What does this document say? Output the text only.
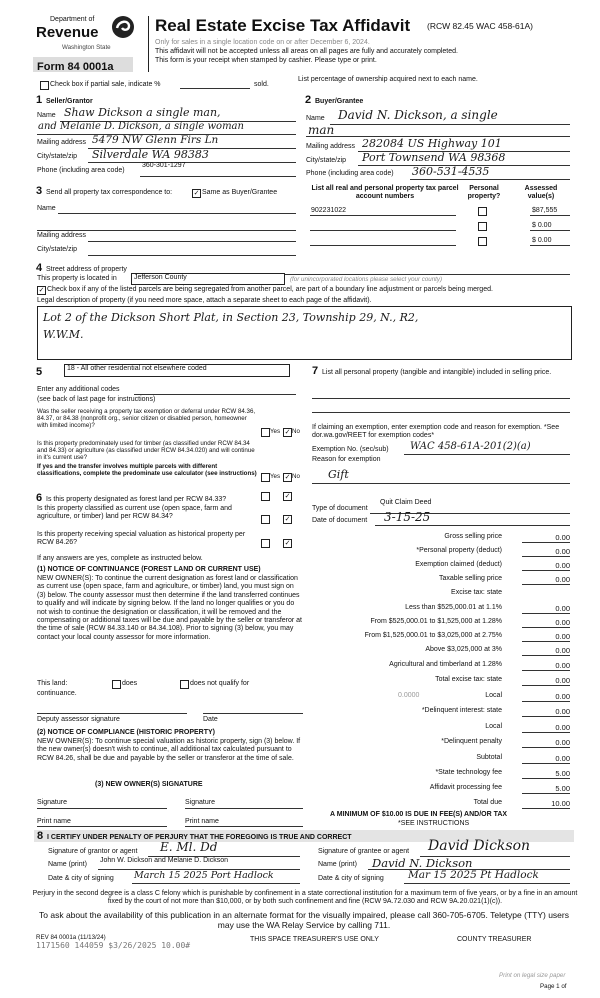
Department of
Revenue
Washington State
Form 84 0001a
Real Estate Excise Tax Affidavit (RCW 82.45 WAC 458-61A)
Only for sales in a single location code on or after December 6, 2024.
This affidavit will not be accepted unless all areas on all pages are fully and accurately completed.
This form is your receipt when stamped by cashier. Please type or print.
Check box if partial sale, indicate %	sold.
List percentage of ownership acquired next to each name.
1 Seller/Grantor
Name Shaw Dickson a single man,
and Melanie D. Dickson, a single woman
Mailing address 5479 NW Glenn Firs Ln
City/state/zip Silverdale WA 98383
Phone (including area code)
360-301-1297
2 Buyer/Grantee
Name David N. Dickson, a single
man
Mailing address 282084 US Highway 101
City/state/zip Port Townsend WA 98368
Phone (including area code) 360-531-4535
3 Send all property tax correspondence to:	✓ Same as Buyer/Grantee
Name
Mailing address
City/state/zip
List all real and personal property tax parcel account numbers
Personal property?
Assessed value(s)
902231022	$87,555
$ 0.00
$ 0.00
4 Street address of property
This property is located in	Jefferson County	(for unincorporated locations please select your county)
✓ Check box if any of the listed parcels are being segregated from another parcel, are part of a boundary line adjustment or parcels being merged.
Legal description of property (if you need more space, attach a separate sheet to each page of the affidavit).
Lot 2 of the Dickson Short Plat, in Section 23, Township 29, N., R2,
W.W.M.
5	18 - All other residential not elsewhere coded
Enter any additional codes
(see back of last page for instructions)
Was the seller receiving a property tax exemption or deferral under RCW 84.36, 84.37, or 84.38 (nonprofit org., senior citizen or disabled person, homeowner with limited income)?
Yes ✓ No
Is this property predominately used for timber (as classified under RCW 84.34 and 84.33) or agriculture (as classified under RCW 84.34.020) and will continue in it's current use?
If yes and the transfer involves multiple parcels with different classifications, complete the predominate use calculator (see instructions)	Yes ✓ No
6 Is this property designated as forest land per RCW 84.33?	✓
Is this property classified as current use (open space, farm and agriculture, or timber) land per RCW 84.34?	✓
Is this property receiving special valuation as historical property per RCW 84.26?	✓
If any answers are yes, complete as instructed below.
(1) NOTICE OF CONTINUANCE (FOREST LAND OR CURRENT USE)
NEW OWNER(S): To continue the current designation as forest land or classification as current use (open space, farm and agriculture, or timber) land, you must sign on (3) below. The county assessor must then determine if the land transferred continues to qualify and will indicate by signing below. If the land no longer qualifies or you do not wish to continue the designation or classification, it will be removed and the compensating or additional taxes will be due and payable by the seller or transferor at the time of sale (RCW 84.33.140 or 84.34.108). Prior to signing (3) below, you may contact your local county assessor for more information.
This land:	does	does not qualify for
continuance.
Deputy assessor signature	Date
(2) NOTICE OF COMPLIANCE (HISTORIC PROPERTY)
NEW OWNER(S): To continue special valuation as historic property, sign (3) below. If the new owner(s) doesn't wish to continue, all additional tax calculated pursuant to RCW 84.26, shall be due and payable by the seller or transferor at the time of sale.
(3) NEW OWNER(S) SIGNATURE
Signature	Signature
Print name	Print name
7 List all personal property (tangible and intangible) included in selling price.
If claiming an exemption, enter exemption code and reason for exemption. *See dor.wa.gov/REET for exemption codes*
Exemption No. (sec/sub) WAC 458-61A-201(2)(a)
Reason for exemption
Gift
Type of document
Quit Claim Deed
Date of document 3-15-25
Gross selling price	0.00
*Personal property (deduct)	0.00
Exemption claimed (deduct)	0.00
Taxable selling price	0.00
Excise tax: state
Less than $525,000.01 at 1.1%	0.00
From $525,000.01 to $1,525,000 at 1.28%	0.00
From $1,525,000.01 to $3,025,000 at 2.75%	0.00
Above $3,025,000 at 3%	0.00
Agricultural and timberland at 1.28%	0.00
Total excise tax: state	0.00
0.0000	Local	0.00
*Delinquent interest: state	0.00
Local	0.00
*Delinquent penalty	0.00
Subtotal	0.00
*State technology fee	5.00
Affidavit processing fee	5.00
Total due	10.00
A MINIMUM OF $10.00 IS DUE IN FEE(S) AND/OR TAX
*SEE INSTRUCTIONS
8 I CERTIFY UNDER PENALTY OF PERJURY THAT THE FOREGOING IS TRUE AND CORRECT
Signature of grantor or agent E. Ml. Dd
Name (print)
John W. Dickson and Melanie D. Dickson
Date & city of signing March 15 2025 Port Hadlock
Signature of grantee or agent David Dickson
Name (print) David N. Dickson
Date & city of signing Mar 15 2025 Pt Hadlock
Perjury in the second degree is a class C felony which is punishable by confinement in a state correctional institution for a maximum term of five years, or by a fine in an amount fixed by the court of not more than $10,000, or by both such confinement and fine (RCW 9A.72.030 and RCW 9A.20.021(1)(c)).
To ask about the availability of this publication in an alternate format for the visually impaired, please call 360-705-6705. Teletype (TTY) users may use the WA Relay Service by calling 711.
REV 84 0001a (11/13/24)
1171560 144059 $3/26/2025 10.00#
THIS SPACE TREASURER'S USE ONLY	COUNTY TREASURER
Print on legal size paper
Page 1 of
